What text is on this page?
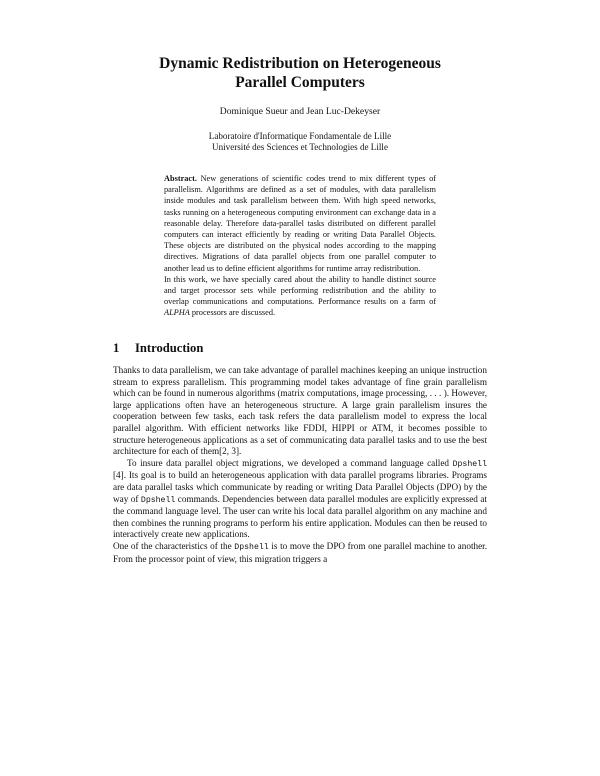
Dynamic Redistribution on Heterogeneous
Parallel Computers
Dominique Sueur and Jean Luc-Dekeyser
Laboratoire d'Informatique Fondamentale de Lille
Université des Sciences et Technologies de Lille

Abstract. New generations of scientific codes trend to mix different types of parallelism. Algorithms are defined as a set of modules, with data parallelism inside modules and task parallelism between them. With high speed networks, tasks running on a heterogeneous computing environment can exchange data in a reasonable delay. Therefore data-parallel tasks distributed on different parallel computers can interact efficiently by reading or writing Data Parallel Objects. These objects are distributed on the physical nodes according to the mapping directives. Migrations of data parallel objects from one parallel computer to another lead us to define efficient algorithms for runtime array redistribution.

In this work, we have specially cared about the ability to handle distinct source and target processor sets while performing redistribution and the ability to overlap communications and computations. Performance results on a farm of ALPHA processors are discussed.

1 Introduction

Thanks to data parallelism, we can take advantage of parallel machines keeping an unique instruction stream to express parallelism. This programming model takes advantage of fine grain parallelism which can be found in numerous algorithms (matrix computations, image processing, . . . ). However, large applications often have an heterogeneous structure. A large grain parallelism insures the cooperation between few tasks, each task refers the data parallelism model to express the local parallel algorithm. With efficient networks like FDDI, HIPPI or ATM, it becomes possible to structure heterogeneous applications as a set of communicating data parallel tasks and to use the best architecture for each of them[2, 3].

To insure data parallel object migrations, we developed a command language called Dpshell [4]. Its goal is to build an heterogeneous application with data parallel programs libraries. Programs are data parallel tasks which communicate by reading or writing Data Parallel Objects (DPO) by the way of Dpshell commands. Dependencies between data parallel modules are explicitly expressed at the command language level. The user can write his local data parallel algorithm on any machine and then combines the running programs to perform his entire application. Modules can then be reused to interactively create new applications.

One of the characteristics of the Dpshell is to move the DPO from one parallel machine to another. From the processor point of view, this migration triggers a
